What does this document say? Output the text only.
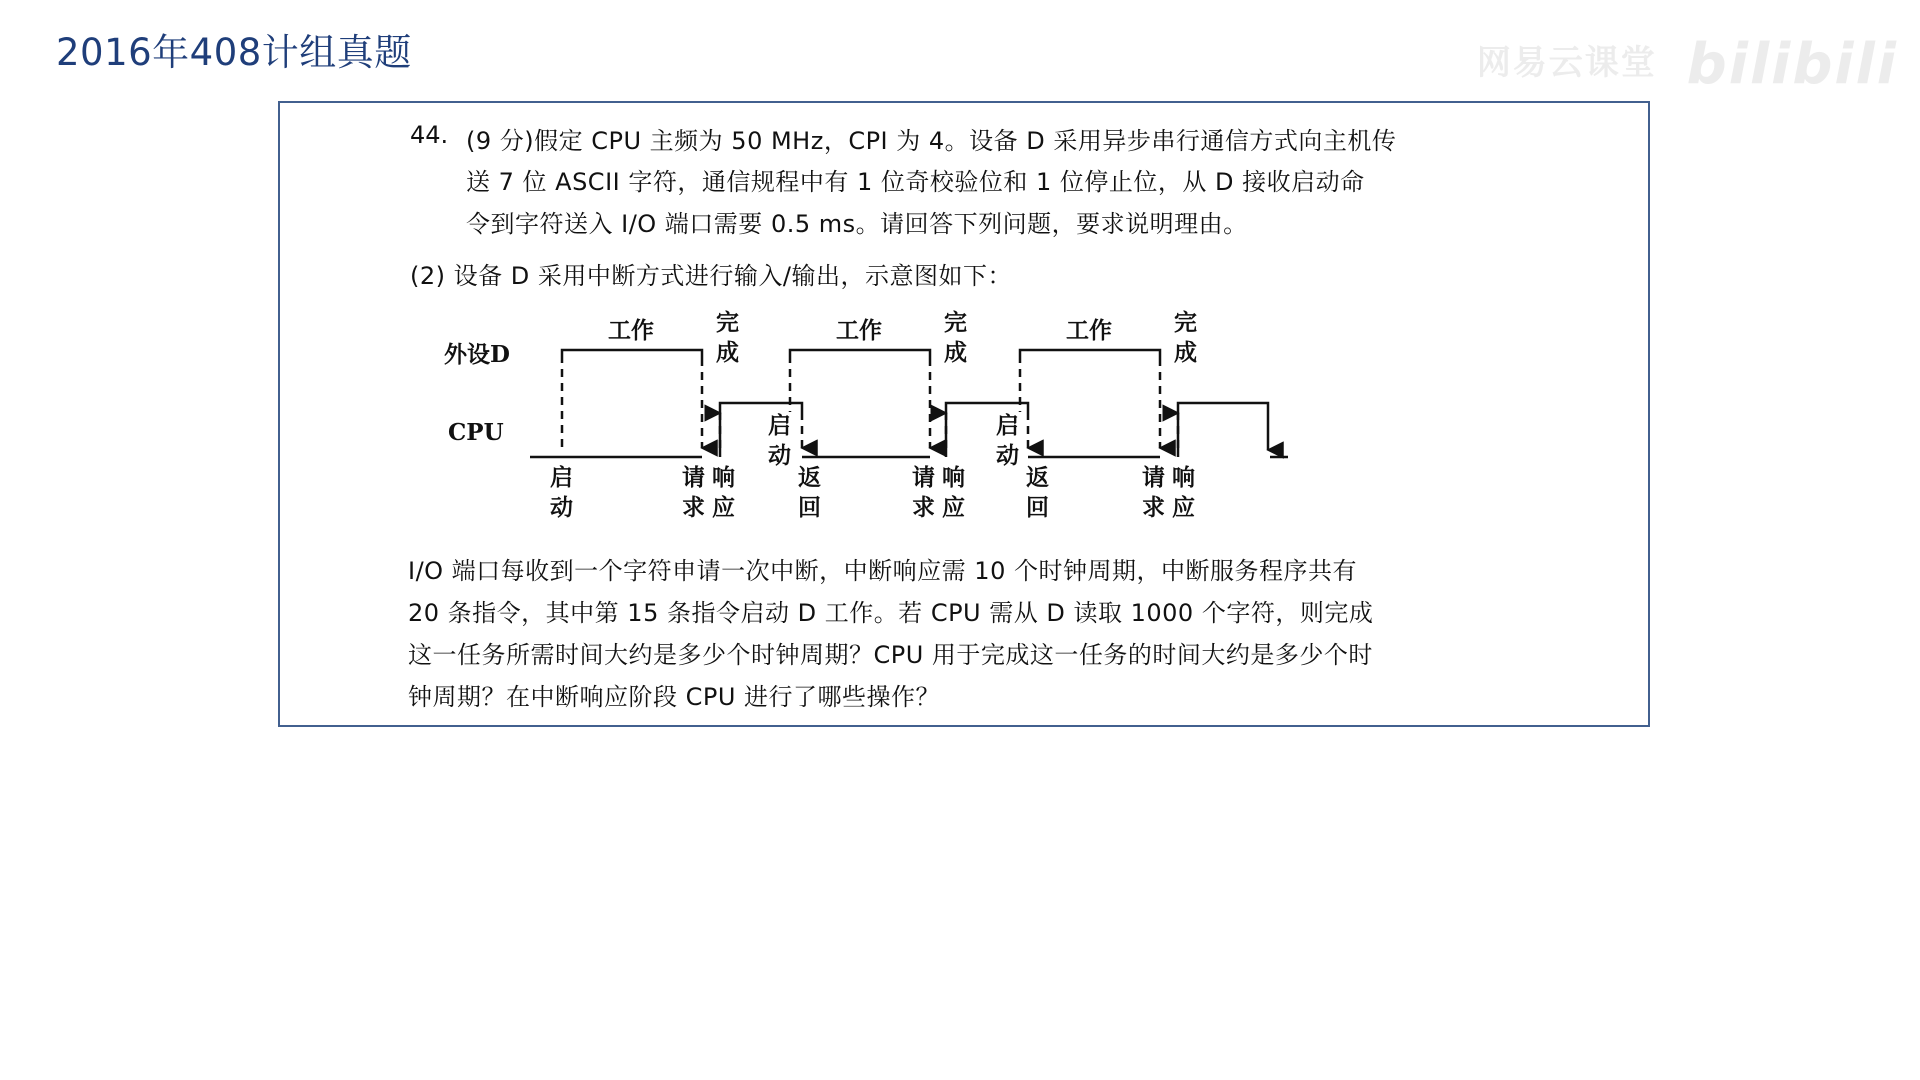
2016年408计组真题	网易云课堂 bilibili
44. (9 分)假定 CPU 主频为 50 MHz，CPI 为 4。设备 D 采用异步串行通信方式向主机传
送 7 位 ASCII 字符，通信规程中有 1 位奇校验位和 1 位停止位，从 D 接收启动命
令到字符送入 I/O 端口需要 0.5 ms。请回答下列问题，要求说明理由。
(2) 设备 D 采用中断方式进行输入/输出，示意图如下：
外设D
CPU
工作	工作	工作
完
成
完
成
完
成
启
动
启
动
启
动
请
求
响
应
请
求
响
应
请
求
响
应
返
回
返
回
I/O 端口每收到一个字符申请一次中断，中断响应需 10 个时钟周期，中断服务程序共有
20 条指令，其中第 15 条指令启动 D 工作。若 CPU 需从 D 读取 1000 个字符，则完成
这一任务所需时间大约是多少个时钟周期？CPU 用于完成这一任务的时间大约是多少个时
钟周期？在中断响应阶段 CPU 进行了哪些操作？
